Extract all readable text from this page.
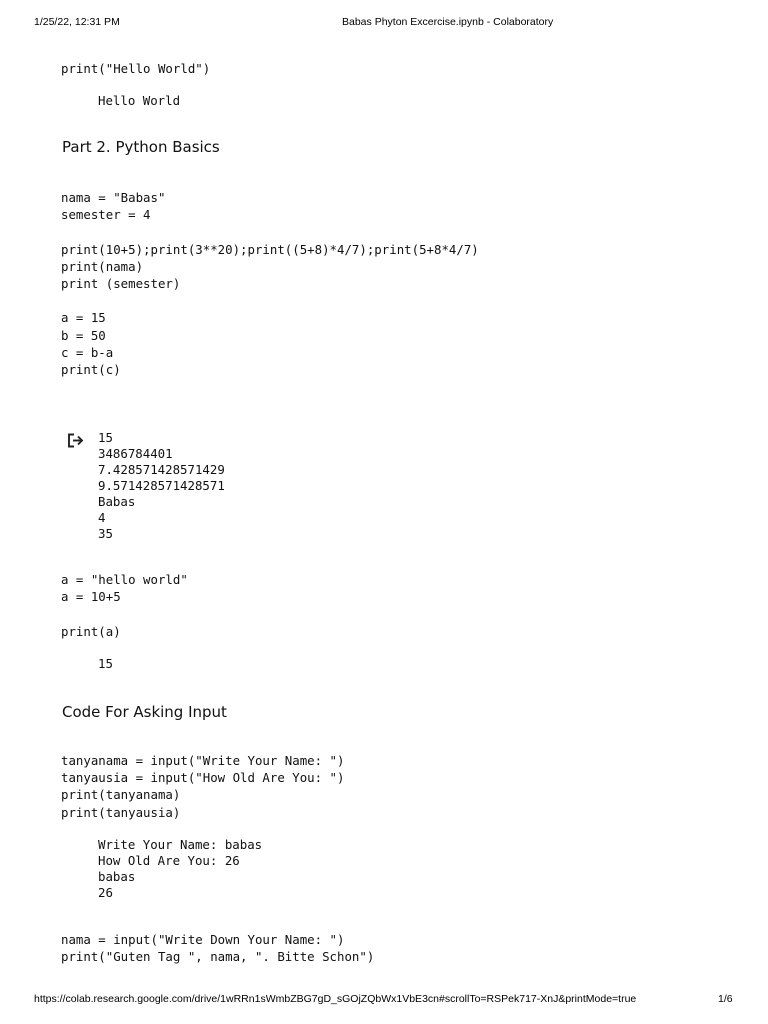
1/25/22, 12:31 PM	Babas Phyton Excercise.ipynb - Colaboratory
print("Hello World")
Hello World
Part 2. Python Basics
nama = "Babas"
semester = 4

print(10+5);print(3**20);print((5+8)*4/7);print(5+8*4/7)
print(nama)
print (semester)

a = 15
b = 50
c = b-a
print(c)
15
3486784401
7.428571428571429
9.571428571428571
Babas
4
35
a = "hello world"
a = 10+5

print(a)
15
Code For Asking Input
tanyanama = input("Write Your Name: ")
tanyausia = input("How Old Are You: ")
print(tanyanama)
print(tanyausia)
Write Your Name: babas
How Old Are You: 26
babas
26
nama = input("Write Down Your Name: ")
print("Guten Tag ", nama, ". Bitte Schon")
https://colab.research.google.com/drive/1wRRn1sWmbZBG7gD_sGOjZQbWx1VbE3cn#scrollTo=RSPek717-XnJ&printMode=true	1/6
